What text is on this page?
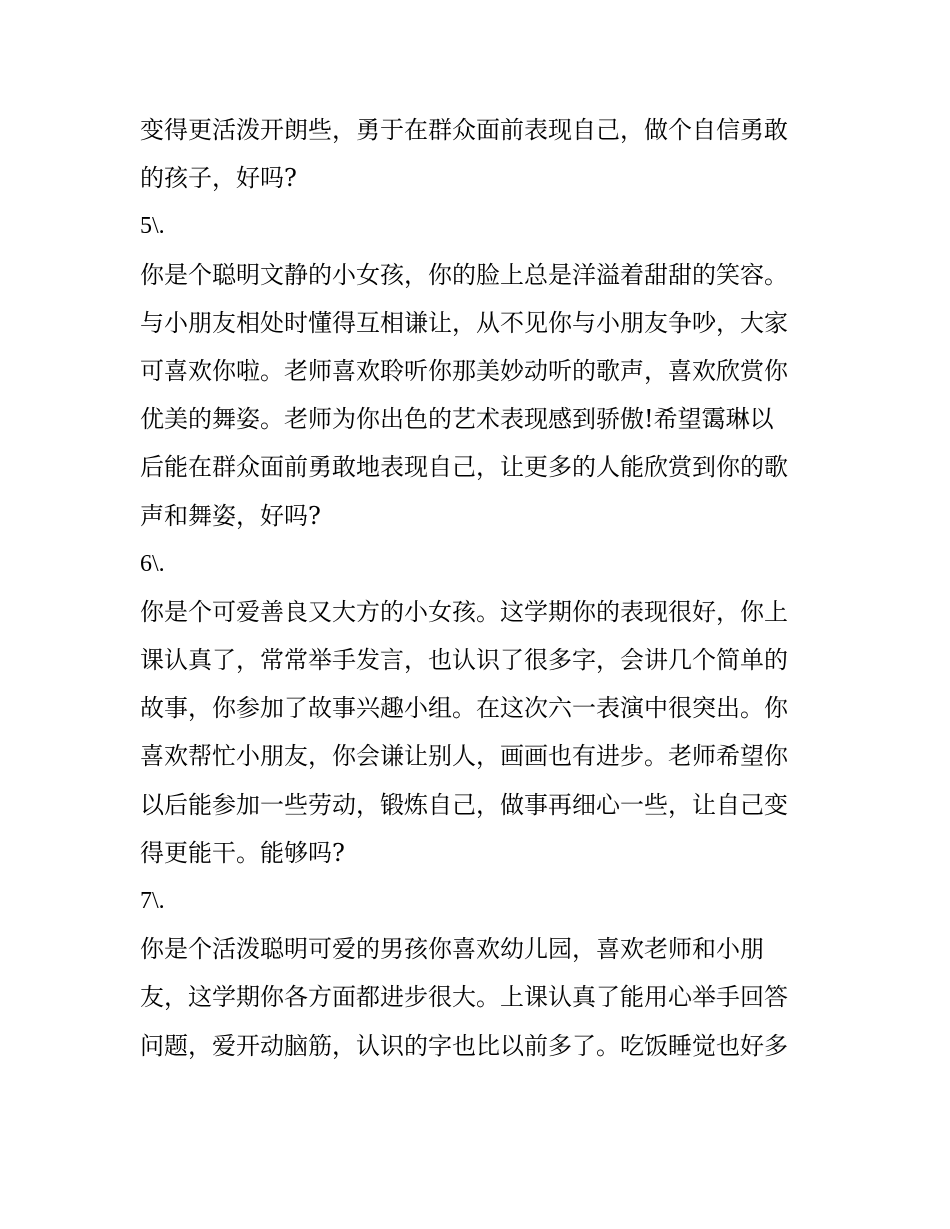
变得更活泼开朗些，勇于在群众面前表现自己，做个自信勇敢
的孩子，好吗?
5\.
你是个聪明文静的小女孩，你的脸上总是洋溢着甜甜的笑容。
与小朋友相处时懂得互相谦让，从不见你与小朋友争吵，大家
可喜欢你啦。老师喜欢聆听你那美妙动听的歌声，喜欢欣赏你
优美的舞姿。老师为你出色的艺术表现感到骄傲!希望霭琳以
后能在群众面前勇敢地表现自己，让更多的人能欣赏到你的歌
声和舞姿，好吗?
6\.
你是个可爱善良又大方的小女孩。这学期你的表现很好，你上
课认真了，常常举手发言，也认识了很多字，会讲几个简单的
故事，你参加了故事兴趣小组。在这次六一表演中很突出。你
喜欢帮忙小朋友，你会谦让别人，画画也有进步。老师希望你
以后能参加一些劳动，锻炼自己，做事再细心一些，让自己变
得更能干。能够吗?
7\.
你是个活泼聪明可爱的男孩你喜欢幼儿园，喜欢老师和小朋
友，这学期你各方面都进步很大。上课认真了能用心举手回答
问题，爱开动脑筋，认识的字也比以前多了。吃饭睡觉也好多
